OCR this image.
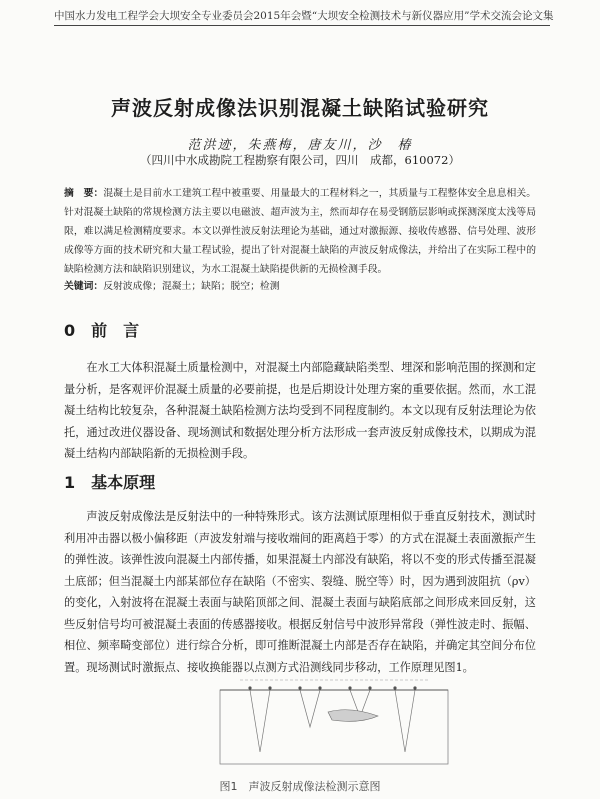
中国水力发电工程学会大坝安全专业委员会2015年会暨“大坝安全检测技术与新仪器应用”学术交流会论文集
声波反射成像法识别混凝土缺陷试验研究
范洪迹，朱燕梅，唐友川，沙　椿
（四川中水成勘院工程勘察有限公司，四川　成都，610072）
摘　要：混凝土是目前水工建筑工程中被重要、用量最大的工程材料之一，其质量与工程整体安全息息相关。针对混凝土缺陷的常规检测方法主要以电磁波、超声波为主，然而却存在易受钢筋层影响或探测深度太浅等局限，难以满足检测精度要求。本文以弹性波反射法理论为基础，通过对激振源、接收传感器、信号处理、波形成像等方面的技术研究和大量工程试验，提出了针对混凝土缺陷的声波反射成像法，并给出了在实际工程中的缺陷检测方法和缺陷识别建议，为水工混凝土缺陷提供新的无损检测手段。
关键词：反射波成像；混凝土；缺陷；脱空；检测
0　前　言
在水工大体积混凝土质量检测中，对混凝土内部隐藏缺陷类型、埋深和影响范围的探测和定量分析，是客观评价混凝土质量的必要前提，也是后期设计处理方案的重要依据。然而，水工混凝土结构比较复杂，各种混凝土缺陷检测方法均受到不同程度制约。本文以现有反射法理论为依托，通过改进仪器设备、现场测试和数据处理分析方法形成一套声波反射成像技术，以期成为混凝土结构内部缺陷新的无损检测手段。
1　基本原理
声波反射成像法是反射法中的一种特殊形式。该方法测试原理相似于垂直反射技术，测试时利用冲击器以极小偏移距（声波发射端与接收端间的距离趋于零）的方式在混凝土表面激振产生的弹性波。该弹性波向混凝土内部传播，如果混凝土内部没有缺陷，将以不变的形式传播至混凝土底部；但当混凝土内部某部位存在缺陷（不密实、裂缝、脱空等）时，因为遇到波阻抗（ρv）的变化，入射波将在混凝土表面与缺陷顶部之间、混凝土表面与缺陷底部之间形成来回反射，这些反射信号均可被混凝土表面的传感器接收。根据反射信号中波形异常段（弹性波走时、振幅、相位、频率畸变部位）进行综合分析，即可推断混凝土内部是否存在缺陷，并确定其空间分布位置。现场测试时激振点、接收换能器以点测方式沿测线同步移动，工作原理见图1。
图1　声波反射成像法检测示意图
